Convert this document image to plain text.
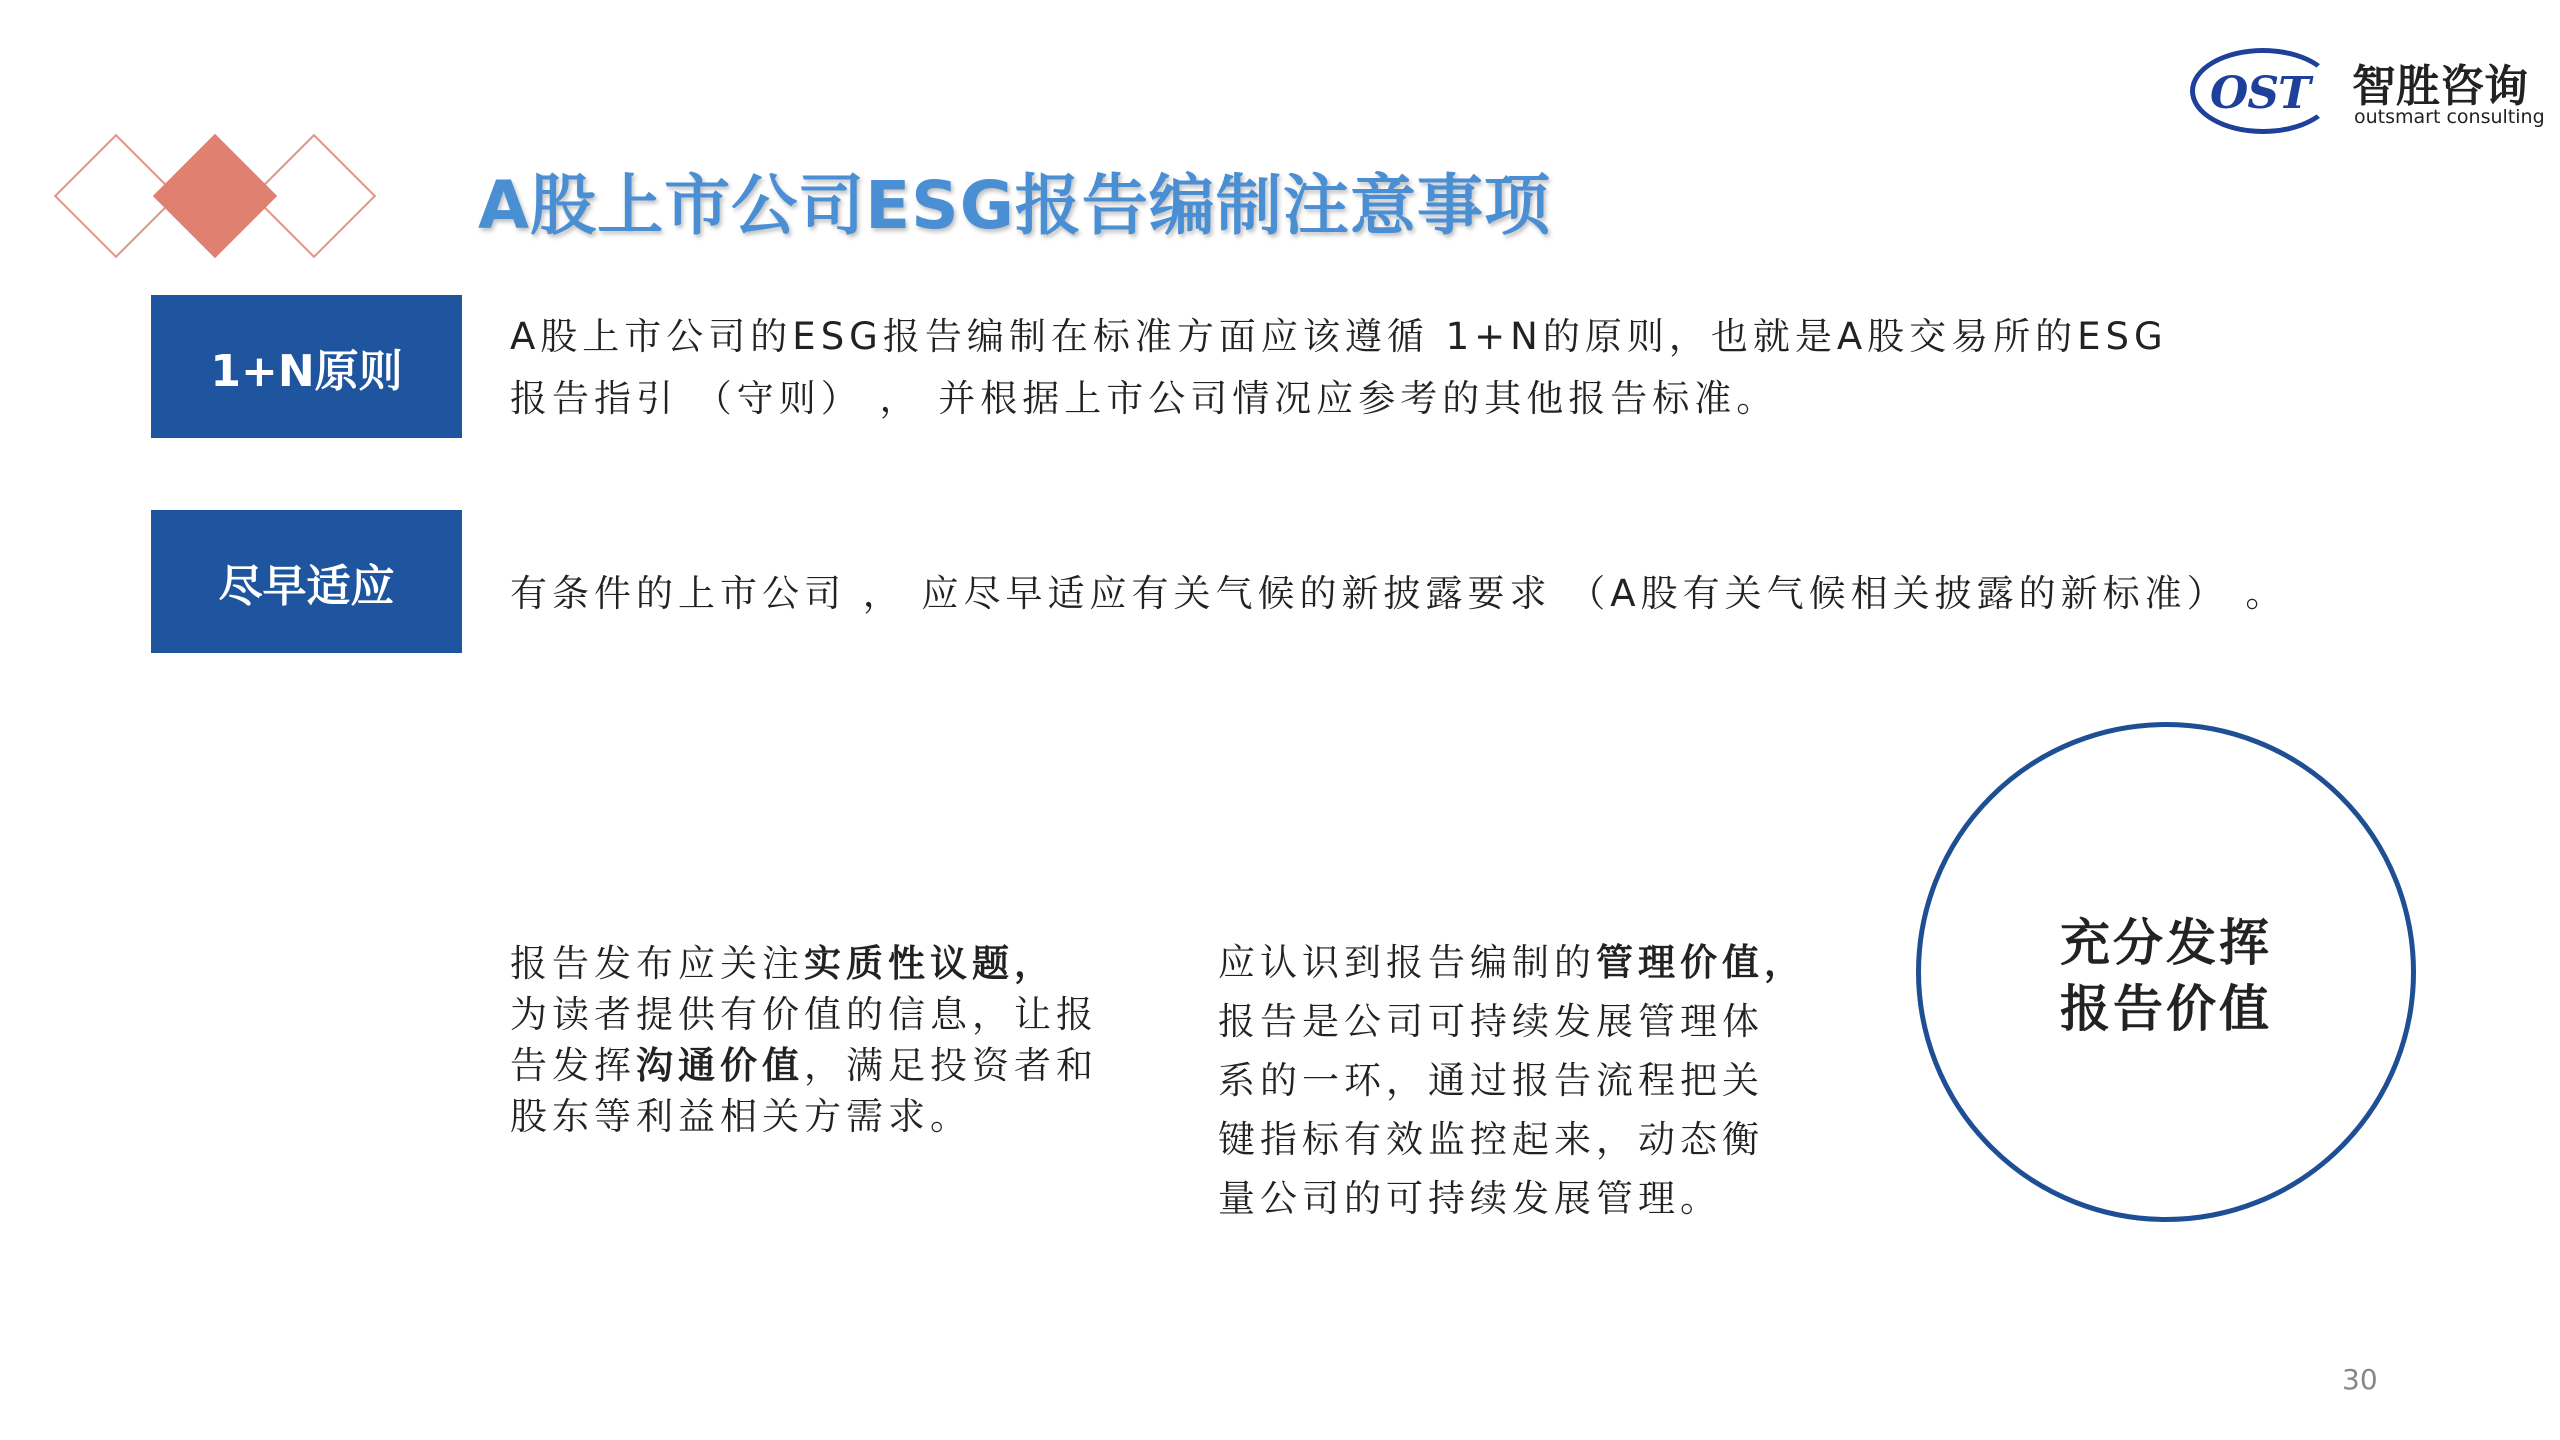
A股上市公司ESG报告编制注意事项
OST 智胜咨询
outsmart consulting
1+N原则
A股上市公司的ESG报告编制在标准方面应该遵循 1+N的原则，也就是A股交易所的ESG
报告指引 （守则） ， 并根据上市公司情况应参考的其他报告标准。
尽早适应	有条件的上市公司 ， 应尽早适应有关气候的新披露要求 （A股有关气候相关披露的新标准） 。
报告发布应关注实质性议题，
为读者提供有价值的信息，让报
告发挥沟通价值，满足投资者和
股东等利益相关方需求。
应认识到报告编制的管理价值，
报告是公司可持续发展管理体
系的一环，通过报告流程把关
键指标有效监控起来，动态衡
量公司的可持续发展管理。
充分发挥
报告价值
30
